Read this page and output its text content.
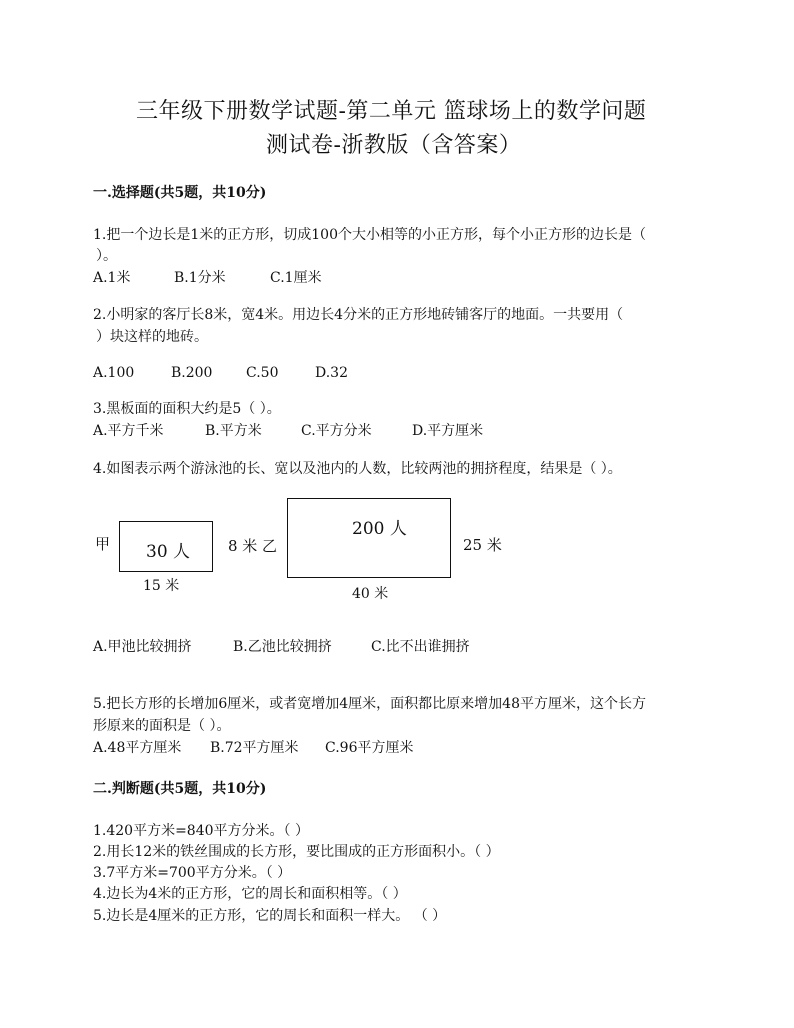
三年级下册数学试题-第二单元 篮球场上的数学问题
测试卷-浙教版（含答案）
一.选择题(共5题，共10分)
1.把一个边长是1米的正方形，切成100个大小相等的小正方形，每个小正方形的边长是（
）。
A.1米	B.1分米	C.1厘米
2.小明家的客厅长8米，宽4米。用边长4分米的正方形地砖铺客厅的地面。一共要用（
）块这样的地砖。
A.100	B.200 C.50	D.32
3.黑板面的面积大约是5（ ）。
A.平方千米	B.平方米	C.平方分米	D.平方厘米
4.如图表示两个游泳池的长、宽以及池内的人数，比较两池的拥挤程度，结果是（ ）。
甲 30 人	8 米
15 米
乙
200 人
25 米
40 米
A.甲池比较拥挤	B.乙池比较拥挤	C.比不出谁拥挤
5.把长方形的长增加6厘米，或者宽增加4厘米，面积都比原来增加48平方厘米，这个长方
形原来的面积是（ ）。
A.48平方厘米 B.72平方厘米 C.96平方厘米
二.判断题(共5题，共10分)
1.420平方米=840平方分米。（ ）
2.用长12米的铁丝围成的长方形，要比围成的正方形面积小。（ ）
3.7平方米=700平方分米。（ ）
4.边长为4米的正方形，它的周长和面积相等。（ ）
5.边长是4厘米的正方形，它的周长和面积一样大。 （ ）
